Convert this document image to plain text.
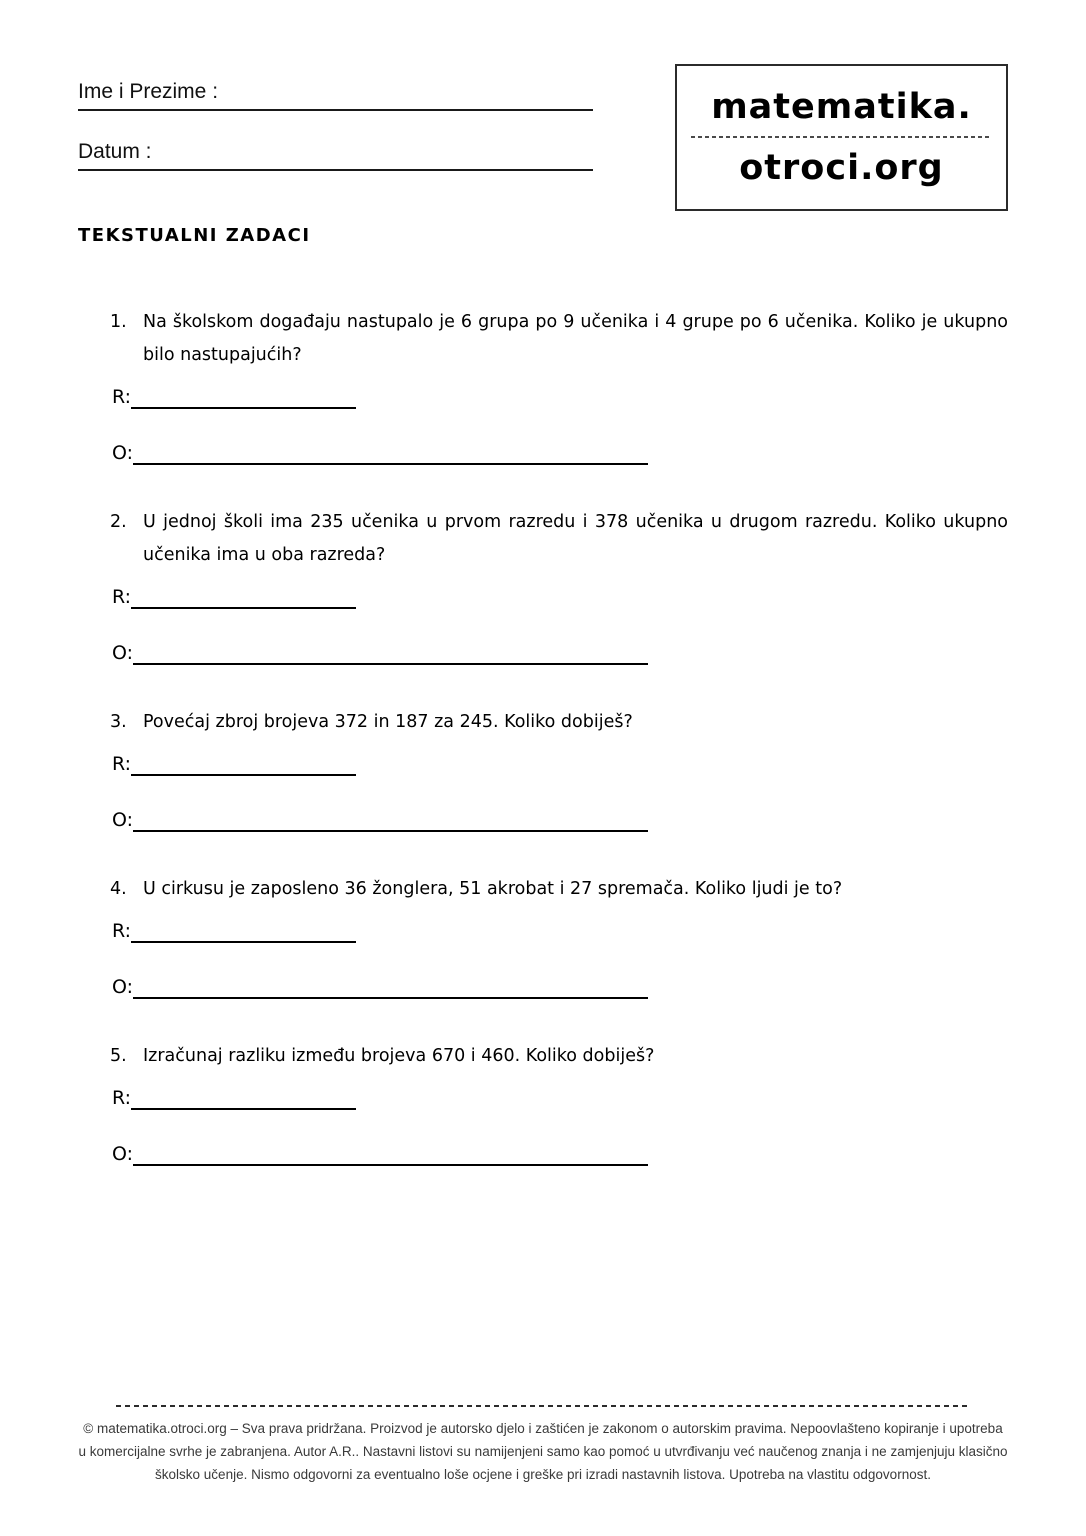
Ime i Prezime :
Datum :
matematika.
otroci.org
TEKSTUALNI ZADACI

1. Na školskom događaju nastupalo je 6 grupa po 9 učenika i 4 grupe po 6 učenika. Koliko je ukupno bilo nastupajućih?

R:
O:

2. U jednoj školi ima 235 učenika u prvom razredu i 378 učenika u drugom razredu. Koliko ukupno učenika ima u oba razreda?

R:
O:

3. Povećaj zbroj brojeva 372 in 187 za 245. Koliko dobiješ?

R:
O:

4. U cirkusu je zaposleno 36 žonglera, 51 akrobat i 27 spremača. Koliko ljudi je to?

R:
O:

5. Izračunaj razliku između brojeva 670 i 460. Koliko dobiješ?

R:
O:

© matematika.otroci.org – Sva prava pridržana. Proizvod je autorsko djelo i zaštićen je zakonom o autorskim pravima. Nepoovlašteno kopiranje i upotreba u komercijalne svrhe je zabranjena. Autor A.R.. Nastavni listovi su namijenjeni samo kao pomoć u utvrđivanju već naučenog znanja i ne zamjenjuju klasično školsko učenje. Nismo odgovorni za eventualno loše ocjene i greške pri izradi nastavnih listova. Upotreba na vlastitu odgovornost.
